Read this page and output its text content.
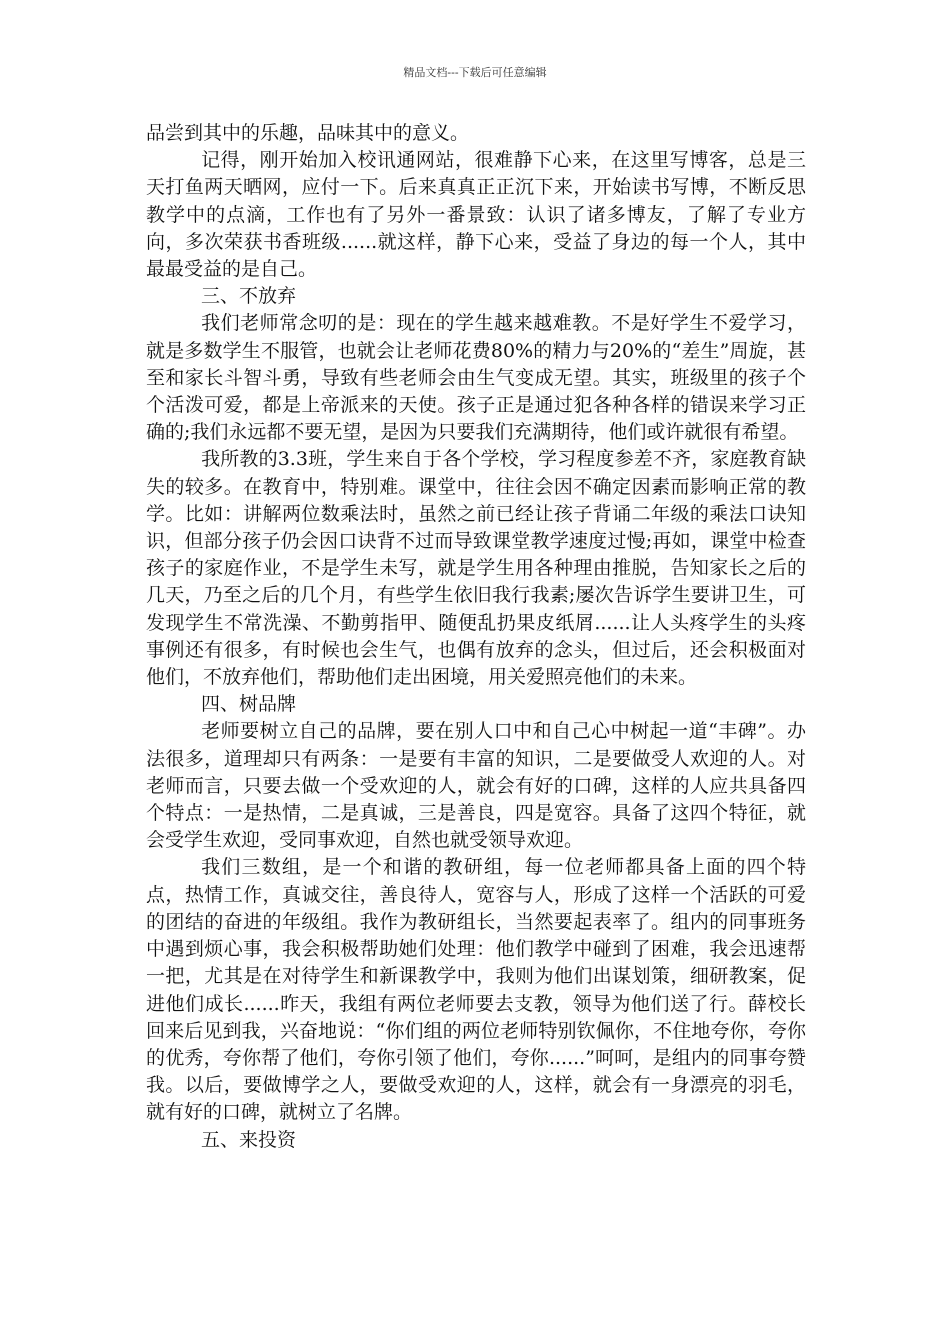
精品文档---下载后可任意编辑

品尝到其中的乐趣，品味其中的意义。

记得，刚开始加入校讯通网站，很难静下心来，在这里写博客，总是三天打鱼两天晒网，应付一下。后来真真正正沉下来，开始读书写博，不断反思教学中的点滴，工作也有了另外一番景致：认识了诸多博友，了解了专业方向，多次荣获书香班级......就这样，静下心来，受益了身边的每一个人，其中最最受益的是自己。

三、不放弃

我们老师常念叨的是：现在的学生越来越难教。不是好学生不爱学习，就是多数学生不服管，也就会让老师花费80%的精力与20%的“差生”周旋，甚至和家长斗智斗勇，导致有些老师会由生气变成无望。其实，班级里的孩子个个活泼可爱，都是上帝派来的天使。孩子正是通过犯各种各样的错误来学习正确的;我们永远都不要无望，是因为只要我们充满期待，他们或许就很有希望。

我所教的3.3班，学生来自于各个学校，学习程度参差不齐，家庭教育缺失的较多。在教育中，特别难。课堂中，往往会因不确定因素而影响正常的教学。比如：讲解两位数乘法时，虽然之前已经让孩子背诵二年级的乘法口诀知识，但部分孩子仍会因口诀背不过而导致课堂教学速度过慢;再如，课堂中检查孩子的家庭作业，不是学生未写，就是学生用各种理由推脱，告知家长之后的几天，乃至之后的几个月，有些学生依旧我行我素;屡次告诉学生要讲卫生，可发现学生不常洗澡、不勤剪指甲、随便乱扔果皮纸屑......让人头疼学生的头疼事例还有很多，有时候也会生气，也偶有放弃的念头，但过后，还会积极面对他们，不放弃他们，帮助他们走出困境，用关爱照亮他们的未来。

四、树品牌

老师要树立自己的品牌，要在别人口中和自己心中树起一道“丰碑”。办法很多，道理却只有两条：一是要有丰富的知识，二是要做受人欢迎的人。对老师而言，只要去做一个受欢迎的人，就会有好的口碑，这样的人应共具备四个特点：一是热情，二是真诚，三是善良，四是宽容。具备了这四个特征，就会受学生欢迎，受同事欢迎，自然也就受领导欢迎。

我们三数组，是一个和谐的教研组，每一位老师都具备上面的四个特点，热情工作，真诚交往，善良待人，宽容与人，形成了这样一个活跃的可爱的团结的奋进的年级组。我作为教研组长，当然要起表率了。组内的同事班务中遇到烦心事，我会积极帮助她们处理：他们教学中碰到了困难，我会迅速帮一把，尤其是在对待学生和新课教学中，我则为他们出谋划策，细研教案，促进他们成长......昨天，我组有两位老师要去支教，领导为他们送了行。薛校长回来后见到我，兴奋地说：“你们组的两位老师特别钦佩你，不住地夸你，夸你的优秀，夸你帮了他们，夸你引领了他们，夸你......”呵呵，是组内的同事夸赞我。以后，要做博学之人，要做受欢迎的人，这样，就会有一身漂亮的羽毛，就有好的口碑，就树立了名牌。

五、来投资
